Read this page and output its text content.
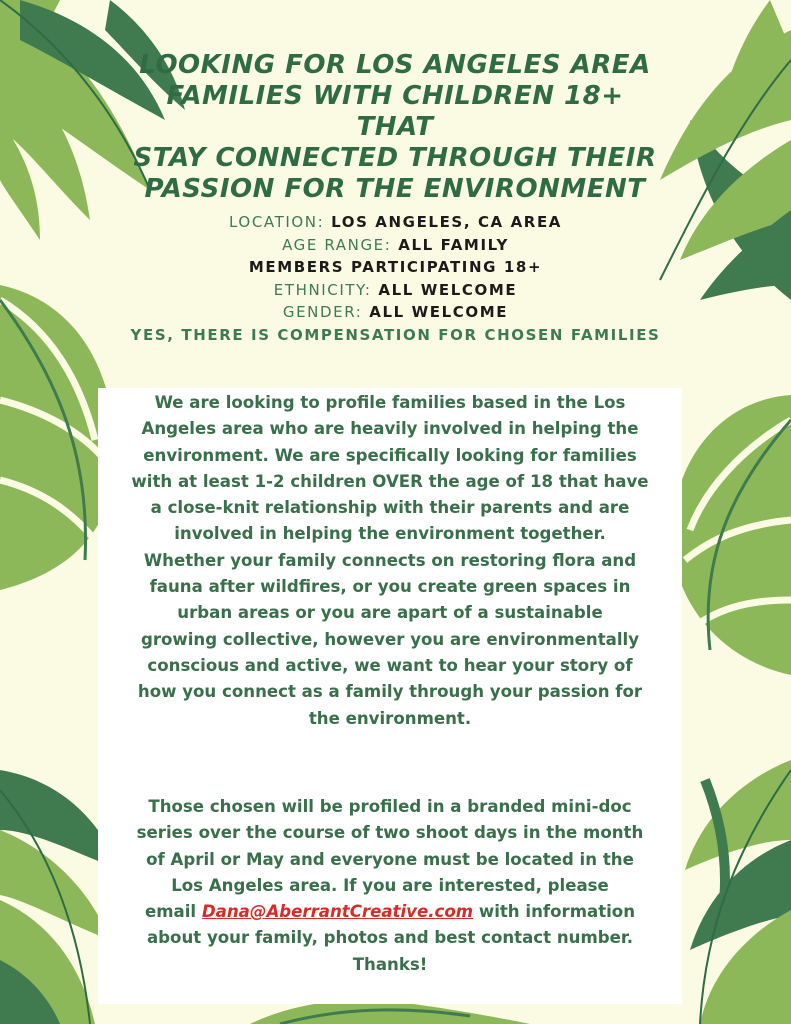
LOOKING FOR LOS ANGELES AREA
FAMILIES WITH CHILDREN 18+ THAT
STAY CONNECTED THROUGH THEIR
PASSION FOR THE ENVIRONMENT
LOCATION: LOS ANGELES, CA AREA
AGE RANGE: ALL FAMILY
MEMBERS PARTICIPATING 18+
ETHNICITY: ALL WELCOME
GENDER: ALL WELCOME
YES, THERE IS COMPENSATION FOR CHOSEN FAMILIES

We are looking to profile families based in the Los
Angeles area who are heavily involved in helping the
environment. We are specifically looking for families
with at least 1-2 children OVER the age of 18 that have
a close-knit relationship with their parents and are
involved in helping the environment together.
Whether your family connects on restoring flora and
fauna after wildfires, or you create green spaces in
urban areas or you are apart of a sustainable
growing collective, however you are environmentally
conscious and active, we want to hear your story of
how you connect as a family through your passion for
the environment.

Those chosen will be profiled in a branded mini-doc
series over the course of two shoot days in the month
of April or May and everyone must be located in the
Los Angeles area. If you are interested, please
email Dana@AberrantCreative.com with information
about your family, photos and best contact number.
Thanks!
